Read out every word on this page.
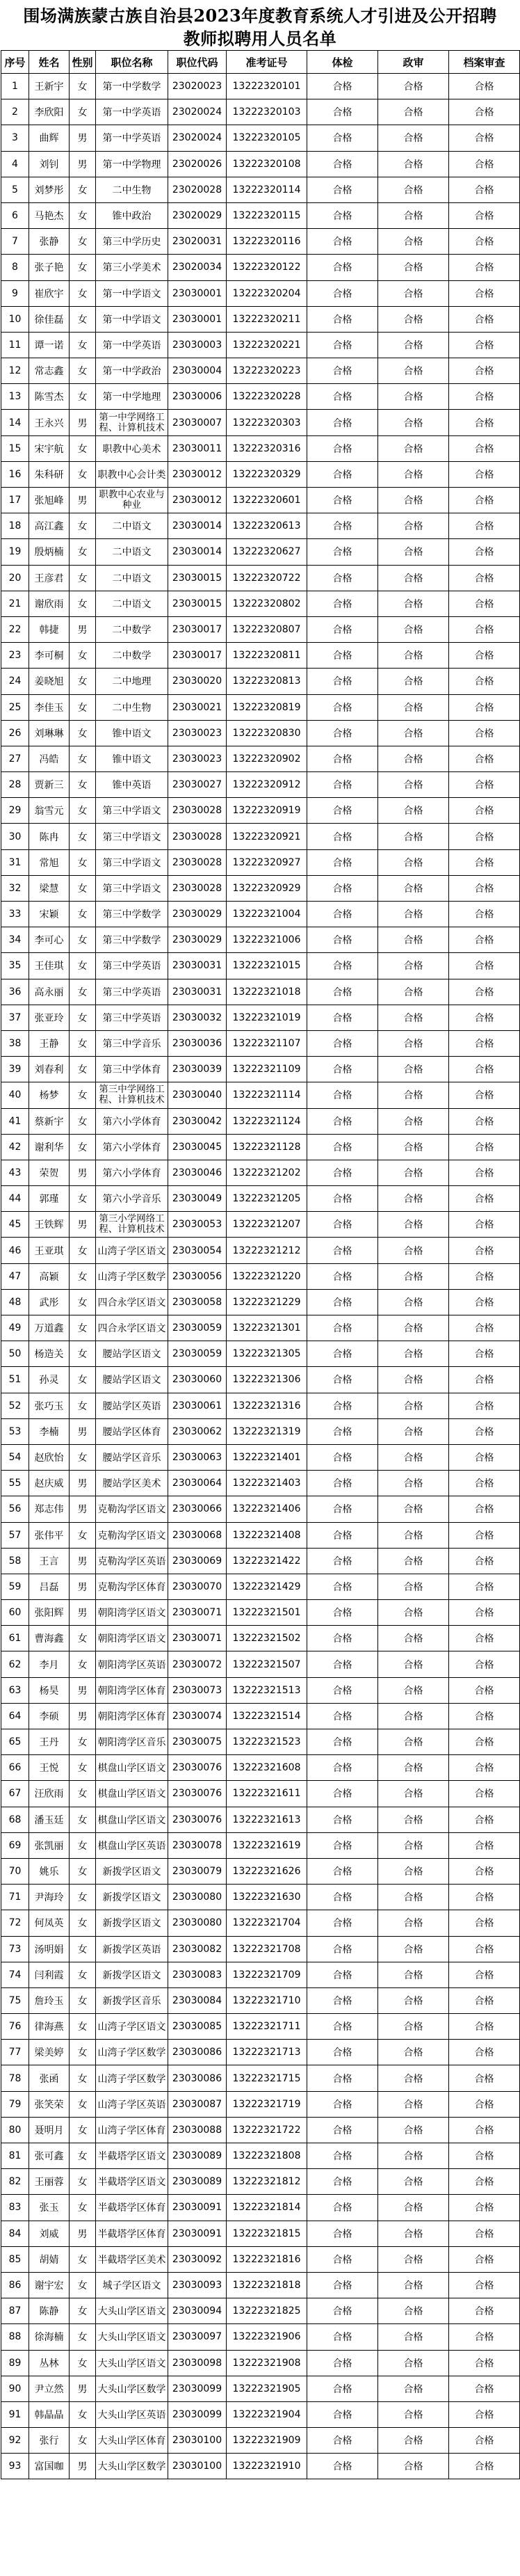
围场满族蒙古族自治县2023年度教育系统人才引进及公开招聘
教师拟聘用人员名单
序号	姓名	性别	职位名称	职位代码	准考证号	体检	政审	档案审查
1	王新宇	女	第一中学数学	23020023	13222320101	合格	合格	合格
2	李欣阳	女	第一中学英语	23020024	13222320103	合格	合格	合格
3	曲辉	男	第一中学英语	23020024	13222320105	合格	合格	合格
4	刘钊	男	第一中学物理	23020026	13222320108	合格	合格	合格
5	刘梦彤	女	二中生物	23020028	13222320114	合格	合格	合格
6	马艳杰	女	锥中政治	23020029	13222320115	合格	合格	合格
7	张静	女	第三中学历史	23020031	13222320116	合格	合格	合格
8	张子艳	女	第三小学美术	23020034	13222320122	合格	合格	合格
9	崔欣宇	女	第一中学语文	23030001	13222320204	合格	合格	合格
10	徐佳磊	女	第一中学语文	23030001	13222320211	合格	合格	合格
11	谭一诺	女	第一中学英语	23030003	13222320221	合格	合格	合格
12	常志鑫	女	第一中学政治	23030004	13222320223	合格	合格	合格
13	陈雪杰	女	第一中学地理	23030006	13222320228	合格	合格	合格
14	王永兴	男	第一中学网络工程、计算机技术	23030007	13222320303	合格	合格	合格
15	宋宇航	女	职教中心美术	23030011	13222320316	合格	合格	合格
16	朱科研	女	职教中心会计类	23030012	13222320329	合格	合格	合格
17	张旭峰	男	职教中心农业与种业	23030012	13222320601	合格	合格	合格
18	高江鑫	女	二中语文	23030014	13222320613	合格	合格	合格
19	殷炳楠	女	二中语文	23030014	13222320627	合格	合格	合格
20	王彦君	女	二中语文	23030015	13222320722	合格	合格	合格
21	谢欣雨	女	二中语文	23030015	13222320802	合格	合格	合格
22	韩捷	男	二中数学	23030017	13222320807	合格	合格	合格
23	李可桐	女	二中数学	23030017	13222320811	合格	合格	合格
24	姜晓旭	女	二中地理	23030020	13222320813	合格	合格	合格
25	李佳玉	女	二中生物	23030021	13222320819	合格	合格	合格
26	刘琳琳	女	锥中语文	23030023	13222320830	合格	合格	合格
27	冯皓	女	锥中语文	23030023	13222320902	合格	合格	合格
28	贾新三	女	锥中英语	23030027	13222320912	合格	合格	合格
29	翁雪元	女	第三中学语文	23030028	13222320919	合格	合格	合格
30	陈冉	女	第三中学语文	23030028	13222320921	合格	合格	合格
31	常旭	女	第三中学语文	23030028	13222320927	合格	合格	合格
32	梁慧	女	第三中学语文	23030028	13222320929	合格	合格	合格
33	宋颖	女	第三中学数学	23030029	13222321004	合格	合格	合格
34	李可心	女	第三中学数学	23030029	13222321006	合格	合格	合格
35	王佳琪	女	第三中学英语	23030031	13222321015	合格	合格	合格
36	高永丽	女	第三中学英语	23030031	13222321018	合格	合格	合格
37	张亚玲	女	第三中学英语	23030032	13222321019	合格	合格	合格
38	王静	女	第三中学音乐	23030036	13222321107	合格	合格	合格
39	刘春利	女	第三中学体育	23030039	13222321109	合格	合格	合格
40	杨梦	女	第三中学网络工程、计算机技术	23030040	13222321114	合格	合格	合格
41	蔡新宇	女	第六小学体育	23030042	13222321124	合格	合格	合格
42	谢利华	女	第六小学体育	23030045	13222321128	合格	合格	合格
43	荣贺	男	第六小学体育	23030046	13222321202	合格	合格	合格
44	郭瑾	女	第六小学音乐	23030049	13222321205	合格	合格	合格
45	王铁辉	男	第三小学网络工程、计算机技术	23030053	13222321207	合格	合格	合格
46	王亚琪	女	山湾子学区语文	23030054	13222321212	合格	合格	合格
47	高颖	女	山湾子学区数学	23030056	13222321220	合格	合格	合格
48	武彤	女	四合永学区语文	23030058	13222321229	合格	合格	合格
49	万道鑫	女	四合永学区语文	23030059	13222321301	合格	合格	合格
50	杨造关	女	腰站学区语文	23030059	13222321305	合格	合格	合格
51	孙灵	女	腰站学区语文	23030060	13222321306	合格	合格	合格
52	张巧玉	女	腰站学区英语	23030061	13222321316	合格	合格	合格
53	李楠	男	腰站学区体育	23030062	13222321319	合格	合格	合格
54	赵欣怡	女	腰站学区音乐	23030063	13222321401	合格	合格	合格
55	赵庆威	男	腰站学区美术	23030064	13222321403	合格	合格	合格
56	郑志伟	男	克勒沟学区语文	23030066	13222321406	合格	合格	合格
57	张伟平	女	克勒沟学区语文	23030068	13222321408	合格	合格	合格
58	王言	男	克勒沟学区英语	23030069	13222321422	合格	合格	合格
59	吕磊	男	克勒沟学区体育	23030070	13222321429	合格	合格	合格
60	张阳辉	男	朝阳湾学区语文	23030071	13222321501	合格	合格	合格
61	曹海鑫	女	朝阳湾学区语文	23030071	13222321502	合格	合格	合格
62	李月	女	朝阳湾学区英语	23030072	13222321507	合格	合格	合格
63	杨昊	男	朝阳湾学区体育	23030073	13222321513	合格	合格	合格
64	李硕	男	朝阳湾学区体育	23030074	13222321514	合格	合格	合格
65	王丹	女	朝阳湾学区音乐	23030075	13222321523	合格	合格	合格
66	王悦	女	棋盘山学区语文	23030076	13222321608	合格	合格	合格
67	汪欣雨	女	棋盘山学区语文	23030076	13222321611	合格	合格	合格
68	潘玉廷	女	棋盘山学区语文	23030076	13222321613	合格	合格	合格
69	张凯丽	女	棋盘山学区英语	23030078	13222321619	合格	合格	合格
70	姚乐	女	新拨学区语文	23030079	13222321626	合格	合格	合格
71	尹海玲	女	新拨学区语文	23030080	13222321630	合格	合格	合格
72	何凤英	女	新拨学区语文	23030080	13222321704	合格	合格	合格
73	汤明娟	女	新拨学区英语	23030082	13222321708	合格	合格	合格
74	闫利霞	女	新拨学区语文	23030083	13222321709	合格	合格	合格
75	詹玲玉	女	新拨学区音乐	23030084	13222321710	合格	合格	合格
76	律海燕	女	山湾子学区语文	23030085	13222321711	合格	合格	合格
77	梁美婷	女	山湾子学区数学	23030086	13222321713	合格	合格	合格
78	张函	女	山湾子学区数学	23030086	13222321715	合格	合格	合格
79	张笑荣	女	山湾子学区英语	23030087	13222321719	合格	合格	合格
80	聂明月	女	山湾子学区体育	23030088	13222321722	合格	合格	合格
81	张可鑫	女	半截塔学区语文	23030089	13222321808	合格	合格	合格
82	王丽蓉	女	半截塔学区语文	23030089	13222321812	合格	合格	合格
83	张玉	女	半截塔学区体育	23030091	13222321814	合格	合格	合格
84	刘威	男	半截塔学区体育	23030091	13222321815	合格	合格	合格
85	胡婧	女	半截塔学区美术	23030092	13222321816	合格	合格	合格
86	谢宇宏	女	城子学区语文	23030093	13222321818	合格	合格	合格
87	陈静	女	大头山学区语文	23030094	13222321825	合格	合格	合格
88	徐海楠	女	大头山学区语文	23030097	13222321906	合格	合格	合格
89	丛林	女	大头山学区语文	23030098	13222321908	合格	合格	合格
90	尹立然	男	大头山学区数学	23030099	13222321905	合格	合格	合格
91	韩晶晶	女	大头山学区英语	23030099	13222321904	合格	合格	合格
92	张行	女	大头山学区体育	23030100	13222321909	合格	合格	合格
93	富国咖	男	大头山学区数学	23030100	13222321910	合格	合格	合格
